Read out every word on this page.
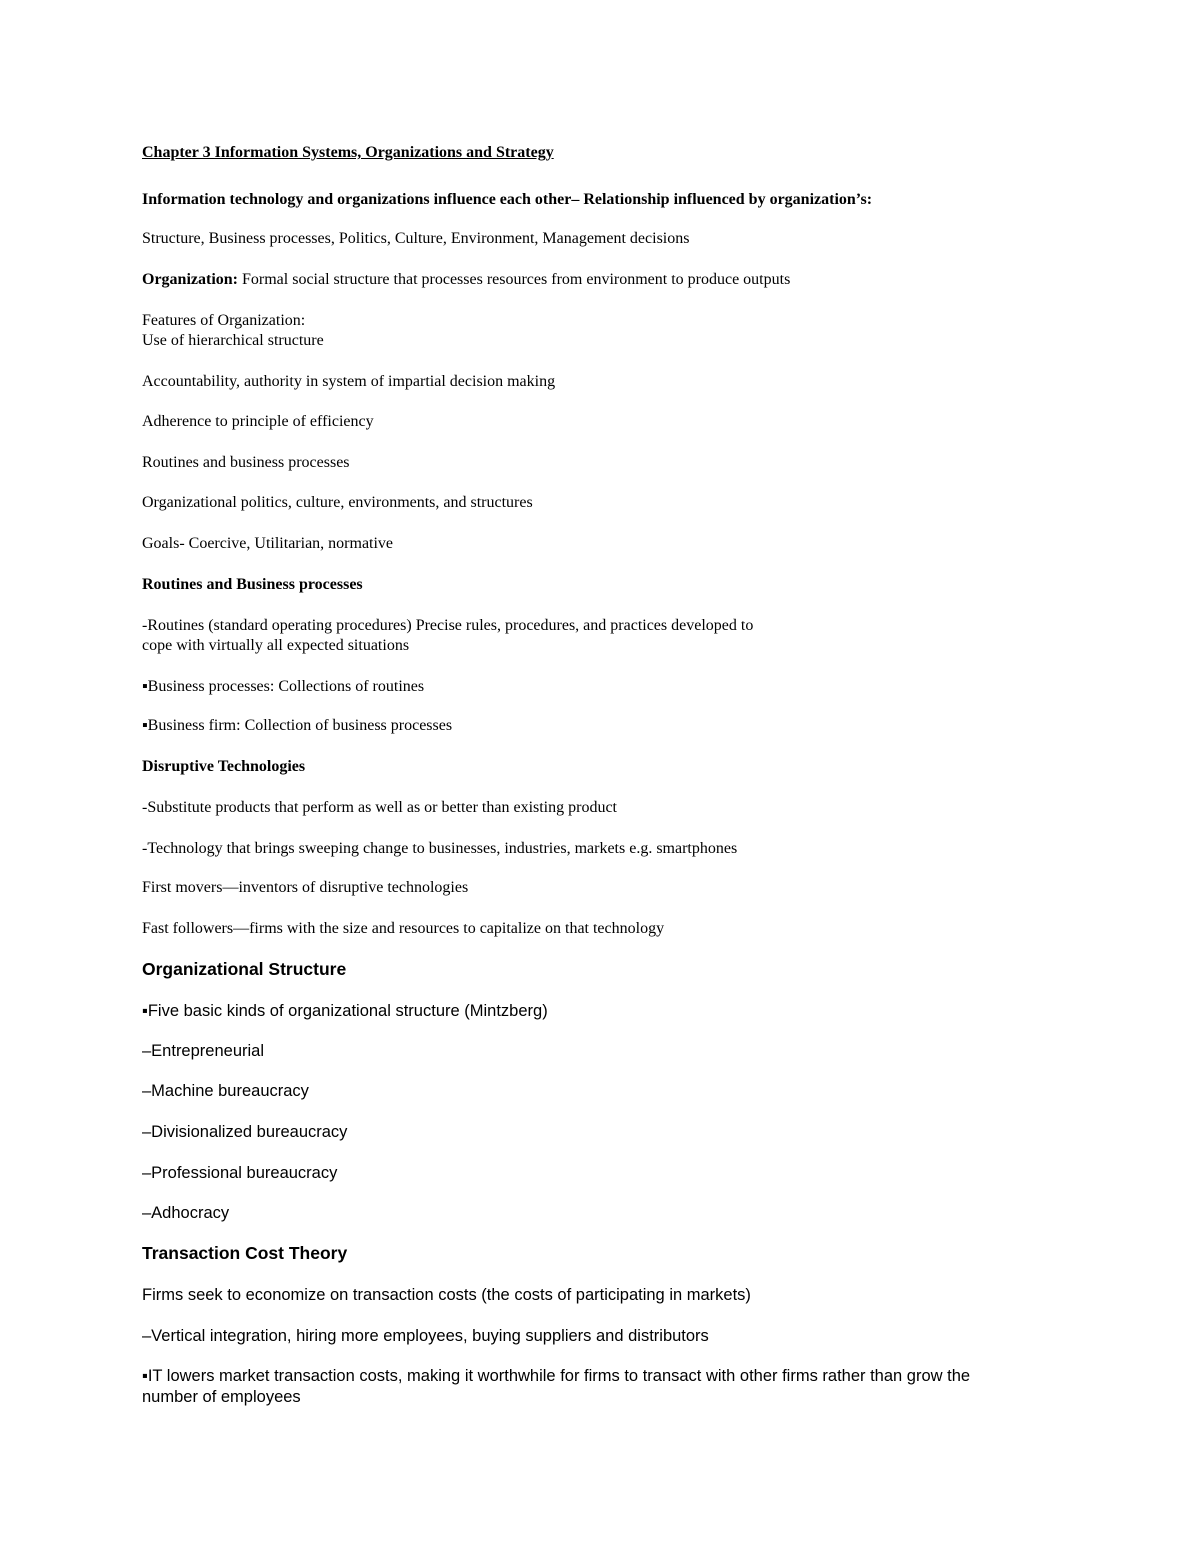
Chapter 3 Information Systems, Organizations and Strategy

Information technology and organizations influence each other– Relationship influenced by organization’s:

Structure, Business processes, Politics, Culture, Environment, Management decisions

Organization: Formal social structure that processes resources from environment to produce outputs

Features of Organization:

Use of hierarchical structure

Accountability, authority in system of impartial decision making

Adherence to principle of efficiency

Routines and business processes

Organizational politics, culture, environments, and structures

Goals- Coercive, Utilitarian, normative

Routines and Business processes

-Routines (standard operating procedures) Precise rules, procedures, and practices developed to

cope with virtually all expected situations

▪Business processes: Collections of routines

▪Business firm: Collection of business processes

Disruptive Technologies

-Substitute products that perform as well as or better than existing product

-Technology that brings sweeping change to businesses, industries, markets e.g. smartphones

First movers—inventors of disruptive technologies

Fast followers—firms with the size and resources to capitalize on that technology

Organizational Structure

▪Five basic kinds of organizational structure (Mintzberg)

–Entrepreneurial

–Machine bureaucracy

–Divisionalized bureaucracy

–Professional bureaucracy

–Adhocracy

Transaction Cost Theory

Firms seek to economize on transaction costs (the costs of participating in markets)

–Vertical integration, hiring more employees, buying suppliers and distributors

▪IT lowers market transaction costs, making it worthwhile for firms to transact with other firms rather than grow the

number of employees
